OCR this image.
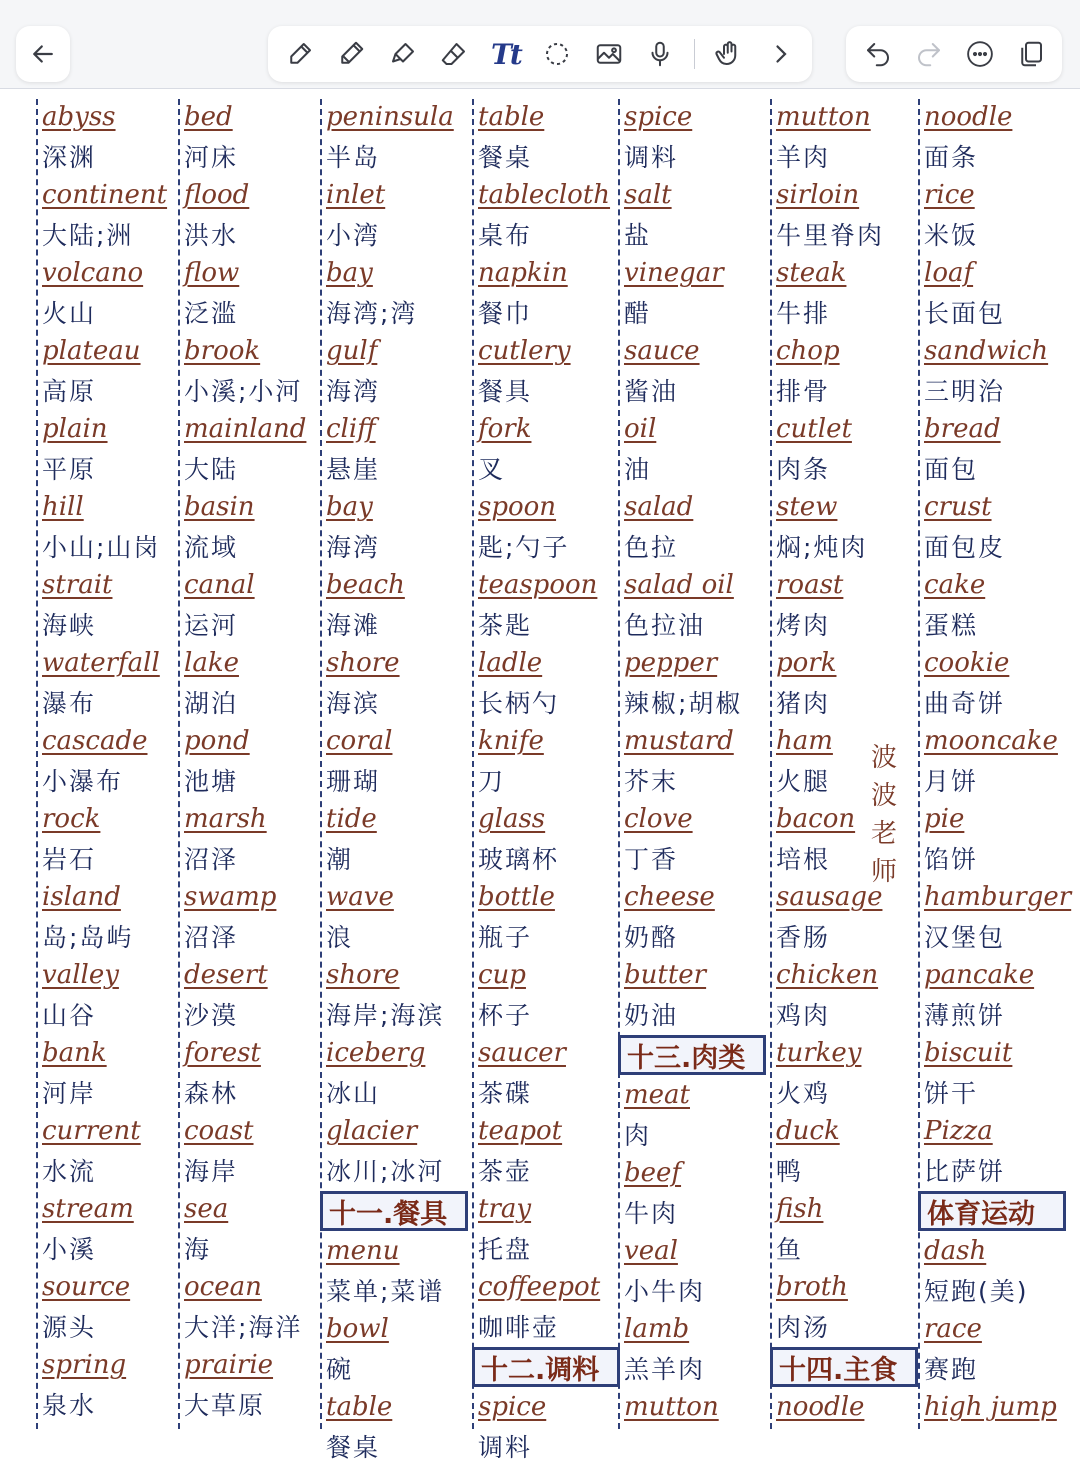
Tt
abyss
深渊
continent
大陆;洲
volcano
火山
plateau
高原
plain
平原
hill
小山;山岗
strait
海峡
waterfall
瀑布
cascade
小瀑布
rock
岩石
island
岛;岛屿
valley
山谷
bank
河岸
current
水流
stream
小溪
source
源头
spring
泉水
bed
河床
flood
洪水
flow
泛滥
brook
小溪;小河
mainland
大陆
basin
流域
canal
运河
lake
湖泊
pond
池塘
marsh
沼泽
swamp
沼泽
desert
沙漠
forest
森林
coast
海岸
sea
海
ocean
大洋;海洋
prairie
大草原
peninsula
半岛
inlet
小湾
bay
海湾;湾
gulf
海湾
cliff
悬崖
bay
海湾
beach
海滩
shore
海滨
coral
珊瑚
tide
潮
wave
浪
shore
海岸;海滨
iceberg
冰山
glacier
冰川;冰河
十一.餐具
menu
菜单;菜谱
bowl
碗
table
餐桌
table
餐桌
tablecloth
桌布
napkin
餐巾
cutlery
餐具
fork
叉
spoon
匙;勺子
teaspoon
茶匙
ladle
长柄勺
knife
刀
glass
玻璃杯
bottle
瓶子
cup
杯子
saucer
茶碟
teapot
茶壶
tray
托盘
coffeepot
咖啡壶
十二.调料
spice
调料
spice
调料
salt
盐
vinegar
醋
sauce
酱油
oil
油
salad
色拉
salad oil
色拉油
pepper
辣椒;胡椒
mustard
芥末
clove
丁香
cheese
奶酪
butter
奶油
十三.肉类
meat
肉
beef
牛肉
veal
小牛肉
lamb
羔羊肉
mutton
mutton
羊肉
sirloin
牛里脊肉
steak
牛排
chop
排骨
cutlet
肉条
stew
焖;炖肉
roast
烤肉
pork
猪肉
ham
火腿
bacon
培根
sausage
香肠
chicken
鸡肉
turkey
火鸡
duck
鸭
fish
鱼
broth
肉汤
十四.主食
noodle
noodle
面条
rice
米饭
loaf
长面包
sandwich
三明治
bread
面包
crust
面包皮
cake
蛋糕
cookie
曲奇饼
mooncake
月饼
pie
馅饼
hamburger
汉堡包
pancake
薄煎饼
biscuit
饼干
Pizza
比萨饼
体育运动
dash
短跑(美)
race
赛跑
high jump
波
波
老
师
